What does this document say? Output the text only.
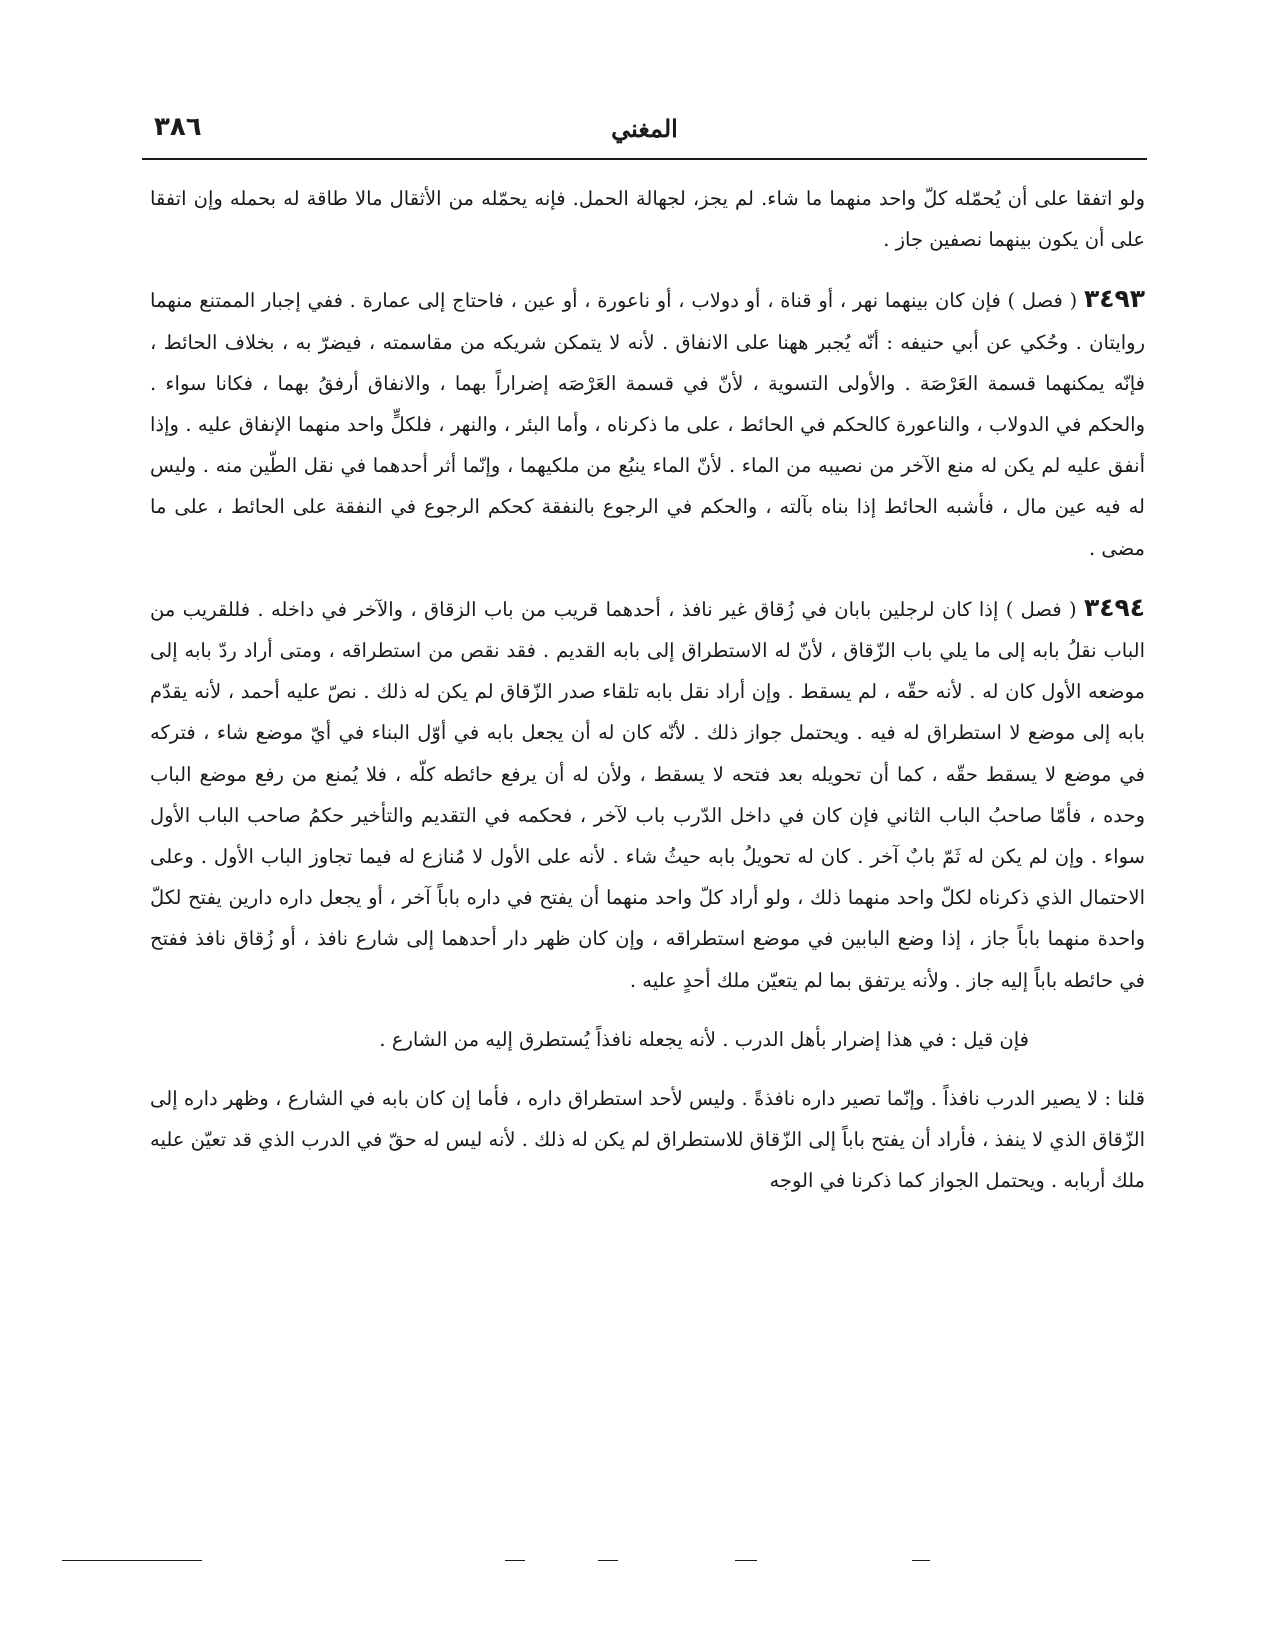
٣٨٦	المغني

ولو اتفقا على أن يُحمّله كلّ واحد منهما ما شاء. لم يجز، لجهالة الحمل. فإنه يحمّله من الأثقال مالا طاقة له بحمله وإن اتفقا على أن يكون بينهما نصفين جاز .

٣٤٩٣ ( فصل ) فإن كان بينهما نهر ، أو قناة ، أو دولاب ، أو ناعورة ، أو عين ، فاحتاج إلى عمارة . ففي إجبار الممتنع منهما روايتان . وحُكي عن أبي حنيفه : أنّه يُجبر ههنا على الانفاق . لأنه لا يتمكن شريكه من مقاسمته ، فيضرّ به ، بخلاف الحائط ، فإنّه يمكنهما قسمة العَرْصَة . والأولى التسوية ، لأنّ في قسمة العَرْصَه إضراراً بهما ، والانفاق أرفقُ بهما ، فكانا سواء . والحكم في الدولاب ، والناعورة كالحكم في الحائط ، على ما ذكرناه ، وأما البئر ، والنهر ، فلكلٍّ واحد منهما الإنفاق عليه . وإذا أنفق عليه لم يكن له منع الآخر من نصيبه من الماء . لأنّ الماء ينبُع من ملكيهما ، وإنّما أثر أحدهما في نقل الطّين منه . وليس له فيه عين مال ، فأشبه الحائط إذا بناه بآلته ، والحكم في الرجوع بالنفقة كحكم الرجوع في النفقة على الحائط ، على ما مضى .

٣٤٩٤ ( فصل ) إذا كان لرجلين بابان في زُقاق غير نافذ ، أحدهما قريب من باب الزقاق ، والآخر في داخله . فللقريب من الباب نقلُ بابه إلى ما يلي باب الزّقاق ، لأنّ له الاستطراق إلى بابه القديم . فقد نقص من استطراقه ، ومتى أراد ردّ بابه إلى موضعه الأول كان له . لأنه حقّه ، لم يسقط . وإن أراد نقل بابه تلقاء صدر الزّقاق لم يكن له ذلك . نصّ عليه أحمد ، لأنه يقدّم بابه إلى موضع لا استطراق له فيه . ويحتمل جواز ذلك . لأنّه كان له أن يجعل بابه في أوّل البناء في أيّ موضع شاء ، فتركه في موضع لا يسقط حقّه ، كما أن تحويله بعد فتحه لا يسقط ، ولأن له أن يرفع حائطه كلّه ، فلا يُمنع من رفع موضع الباب وحده ، فأمّا صاحبُ الباب الثاني فإن كان في داخل الدّرب باب لآخر ، فحكمه في التقديم والتأخير حكمُ صاحب الباب الأول سواء . وإن لم يكن له ثَمّ بابٌ آخر . كان له تحويلُ بابه حيثُ شاء . لأنه على الأول لا مُنازع له فيما تجاوز الباب الأول . وعلى الاحتمال الذي ذكرناه لكلّ واحد منهما ذلك ، ولو أراد كلّ واحد منهما أن يفتح في داره باباً آخر ، أو يجعل داره دارين يفتح لكلّ واحدة منهما باباً جاز ، إذا وضع البابين في موضع استطراقه ، وإن كان ظهر دار أحدهما إلى شارع نافذ ، أو زُقاق نافذ ففتح في حائطه باباً إليه جاز . ولأنه يرتفق بما لم يتعيّن ملك أحدٍ عليه .

فإن قيل : في هذا إضرار بأهل الدرب . لأنه يجعله نافذاً يُستطرق إليه من الشارع .

قلنا : لا يصير الدرب نافذاً . وإنّما تصير داره نافذةً . وليس لأحد استطراق داره ، فأما إن كان بابه في الشارع ، وظهر داره إلى الزّقاق الذي لا ينفذ ، فأراد أن يفتح باباً إلى الزّقاق للاستطراق لم يكن له ذلك . لأنه ليس له حقّ في الدرب الذي قد تعيّن عليه ملك أربابه . ويحتمل الجواز كما ذكرنا في الوجه
